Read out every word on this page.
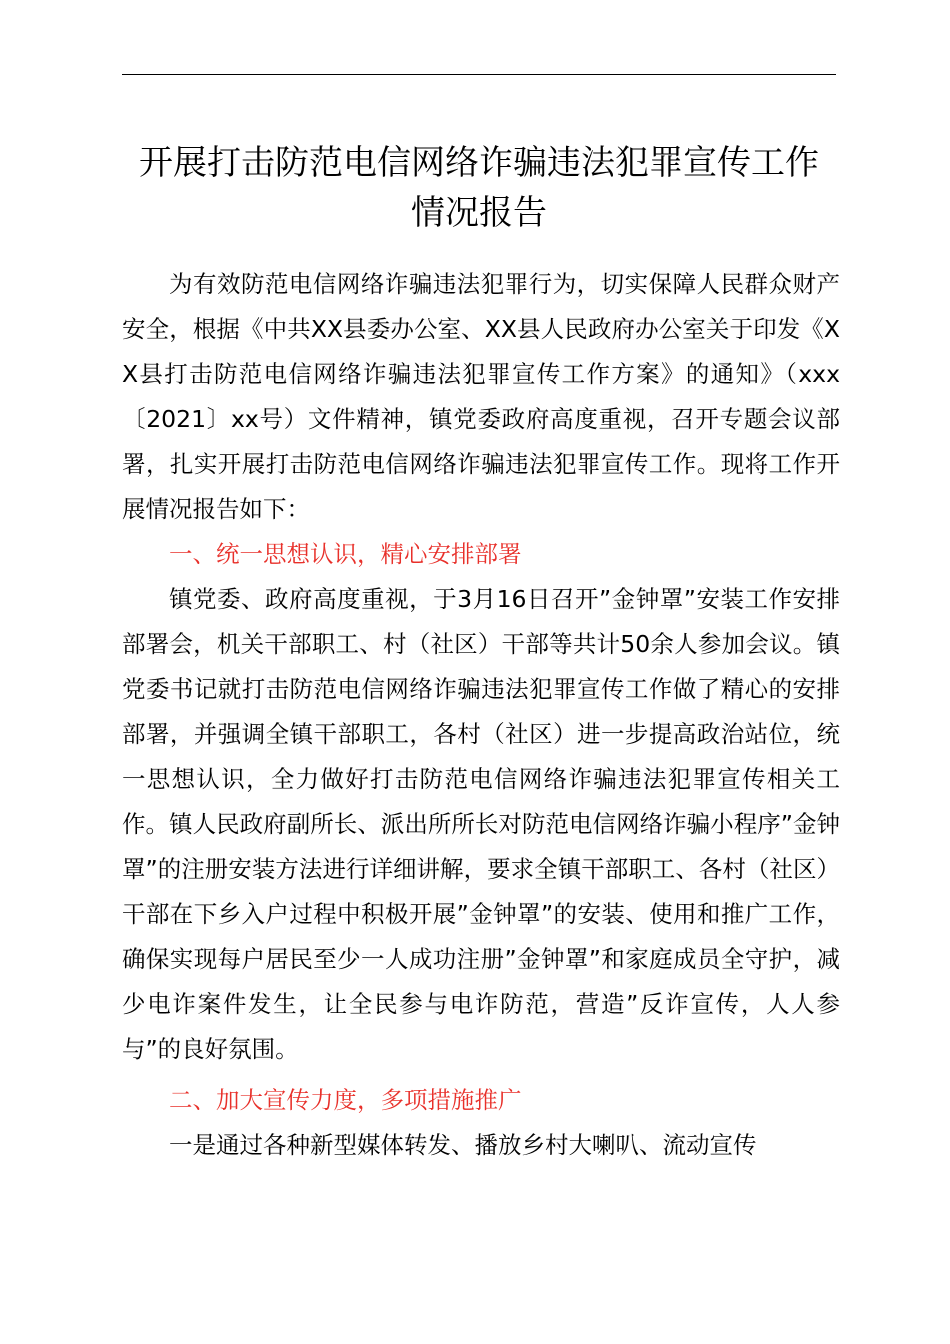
开展打击防范电信网络诈骗违法犯罪宣传工作
情况报告

为有效防范电信网络诈骗违法犯罪行为，切实保障人民群众财产安全，根据《中共XX县委办公室、XX县人民政府办公室关于印发《XX县打击防范电信网络诈骗违法犯罪宣传工作方案》的通知》（xxx〔2021〕xx号）文件精神，镇党委政府高度重视，召开专题会议部署，扎实开展打击防范电信网络诈骗违法犯罪宣传工作。现将工作开展情况报告如下：

一、统一思想认识，精心安排部署

镇党委、政府高度重视，于3月16日召开”金钟罩”安装工作安排部署会，机关干部职工、村（社区）干部等共计50余人参加会议。镇党委书记就打击防范电信网络诈骗违法犯罪宣传工作做了精心的安排部署，并强调全镇干部职工，各村（社区）进一步提高政治站位，统一思想认识，全力做好打击防范电信网络诈骗违法犯罪宣传相关工作。镇人民政府副所长、派出所所长对防范电信网络诈骗小程序”金钟罩”的注册安装方法进行详细讲解，要求全镇干部职工、各村（社区）干部在下乡入户过程中积极开展”金钟罩”的安装、使用和推广工作，确保实现每户居民至少一人成功注册”金钟罩”和家庭成员全守护，减少电诈案件发生，让全民参与电诈防范，营造”反诈宣传，人人参与”的良好氛围。

二、加大宣传力度，多项措施推广

一是通过各种新型媒体转发、播放乡村大喇叭、流动宣传
